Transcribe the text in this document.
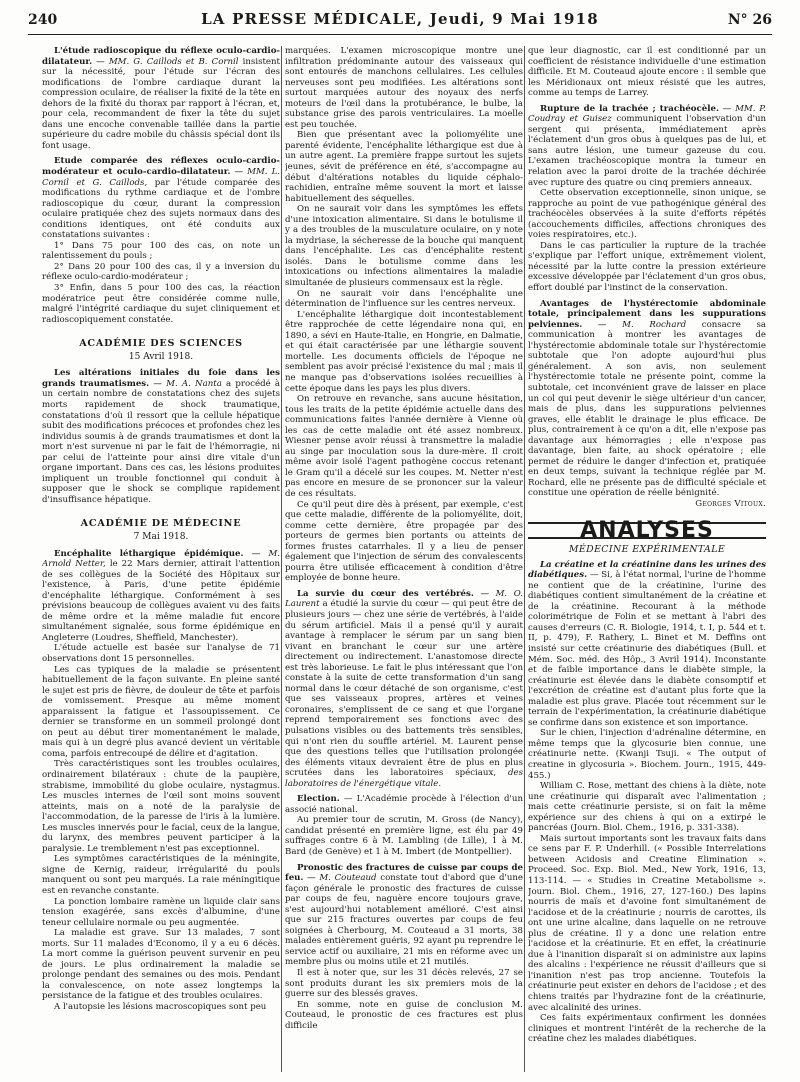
240	LA PRESSE MÉDICALE, Jeudi, 9 Mai 1918	N° 26

L'étude radioscopique du réflexe oculo-cardio-dilatateur. — MM. G. Caillods et B. Cornil insistent sur la nécessité, pour l'étude sur l'écran des modifications de l'ombre cardiaque durant la compression oculaire, de réaliser la fixité de la tête en dehors de la fixité du thorax par rapport à l'écran, et, pour cela, recommandent de fixer la tête du sujet dans une encoche convenable taillée dans la partie supérieure du cadre mobile du châssis spécial dont ils font usage.

Etude comparée des réflexes oculo-cardio-modérateur et oculo-cardio-dilatateur. — MM. L. Cornil et G. Caillods, par l'étude comparée des modifications du rythme cardiaque et de l'ombre radioscopique du cœur, durant la compression oculaire pratiquée chez des sujets normaux dans des conditions identiques, ont été conduits aux constatations suivantes :

1° Dans 75 pour 100 des cas, on note un ralentissement du pouls ;

2° Dans 20 pour 100 des cas, il y a inversion du réflexe oculo-cardio-modérateur ;

3° Enfin, dans 5 pour 100 des cas, la réaction modératrice peut être considérée comme nulle, malgré l'intégrité cardiaque du sujet cliniquement et radioscopiquement constatée.

ACADÉMIE DES SCIENCES
15 Avril 1918.

Les altérations initiales du foie dans les grands traumatismes. — M. A. Nanta a procédé à un certain nombre de constatations chez des sujets morts rapidement de shock traumatique, constatations d'où il ressort que la cellule hépatique subit des modifications précoces et profondes chez les individus soumis à de grands traumatismes et dont la mort n'est survenue ni par le fait de l'hémorragie, ni par celui de l'atteinte pour ainsi dire vitale d'un organe important. Dans ces cas, les lésions produites impliquent un trouble fonctionnel qui conduit à supposer que le shock se complique rapidement d'insuffisance hépatique.

ACADÉMIE DE MÉDECINE
7 Mai 1918.

Encéphalite léthargique épidémique. — M. Arnold Netter, le 22 Mars dernier, attirait l'attention de ses collègues de la Société des Hôpitaux sur l'existence, à Paris, d'une petite épidémie d'encéphalite léthargique. Conformément à ses prévisions beaucoup de collègues avaient vu des faits de même ordre et la même maladie fut encore simultanément signalée, sous forme épidémique en Angleterre (Loudres, Sheffield, Manchester).

L'étude actuelle est basée sur l'analyse de 71 observations dont 15 personnelles.

Les cas typiques de la maladie se présentent habituellement de la façon suivante. En pleine santé le sujet est pris de fièvre, de douleur de tête et parfois de vomissement. Presque au même moment apparaissent la fatigue et l'assoupissement. Ce dernier se transforme en un sommeil prolongé dont on peut au début tirer momentanément le malade, mais qui à un degré plus avancé devient un véritable coma, parfois entrecoupé de délire et d'agitation.

Très caractéristiques sont les troubles oculaires, ordinairement bilatéraux : chute de la paupière, strabisme, immobilité du globe oculaire, nystagmus. Les muscles internes de l'œil sont moins souvent atteints, mais on a noté de la paralysie de l'accommodation, de la paresse de l'iris à la lumière. Les muscles innervés pour le facial, ceux de la langue, du larynx, des membres peuvent participer à la paralysie. Le tremblement n'est pas exceptionnel.

Les symptômes caractéristiques de la méningite, signe de Kernig, raideur, irrégularité du pouls manquent ou sont peu marqués. La raie méningitique est en revanche constante.

La ponction lombaire ramène un liquide clair sans tension exagérée, sans excès d'albumine, d'une teneur cellulaire normale ou peu augmentée.

La maladie est grave. Sur 13 malades, 7 sont morts. Sur 11 malades d'Economo, il y a eu 6 décès. La mort comme la guérison peuvent survenir en peu de jours. Le plus ordinairement la maladie se prolonge pendant des semaines ou des mois. Pendant la convalescence, on note assez longtemps la persistance de la fatigue et des troubles oculaires.

A l'autopsie les lésions macroscopiques sont peu

marquées. L'examen microscopique montre une infiltration prédominante autour des vaisseaux qui sont entourés de manchons cellulaires. Les cellules nerveuses sont peu modifiées. Les altérations sont surtout marquées autour des noyaux des nerfs moteurs de l'œil dans la protubérance, le bulbe, la substance grise des parois ventriculaires. La moelle est peu touchée.

Bien que présentant avec la poliomyélite une parenté évidente, l'encéphalite léthargique est due à un autre agent. La première frappe surtout les sujets jeunes, sévit de préférence en été, s'accompagne au début d'altérations notables du liquide céphalo-rachidien, entraîne même souvent la mort et laisse habituellement des séquelles.

On ne saurait voir dans les symptômes les effets d'une intoxication alimentaire. Si dans le botulisme il y a des troubles de la musculature oculaire, on y note la mydriase, la sécheresse de la bouche qui manquent dans l'encéphalite. Les cas d'encéphalite restent isolés. Dans le botulisme comme dans les intoxications ou infections alimentaires la maladie simultanée de plusieurs commensaux est la règle.

On ne saurait voir dans l'encéphalite une détermination de l'influence sur les centres nerveux.

L'encéphalite léthargique doit incontestablement être rapprochée de cette légendaire nona qui, en 1890, a sévi en Haute-Italie, en Hongrie, en Dalmatie, et qui était caractérisée par une léthargie souvent mortelle. Les documents officiels de l'époque ne semblent pas avoir précisé l'existence du mal ; mais il ne manque pas d'observations isolées recueillies à cette époque dans les pays les plus divers.

On retrouve en revanche, sans aucune hésitation, tous les traits de la petite épidémie actuelle dans des communications faites l'année dernière à Vienne où les cas de cette maladie ont été assez nombreux. Wiesner pense avoir réussi à transmettre la maladie au singe par inoculation sous la dure-mère. Il croit même avoir isolé l'agent pathogène coccus retenant le Gram qu'il a décelé sur les coupes. M. Netter n'est pas encore en mesure de se prononcer sur la valeur de ces résultats.

Ce qu'il peut dire dès à présent, par exemple, c'est que cette maladie, différente de la poliomyélite, doit, comme cette dernière, être propagée par des porteurs de germes bien portants ou atteints de formes frustes catarrhales. Il y a lieu de penser également que l'injection de sérum des convalescents pourra être utilisée efficacement à condition d'être employée de bonne heure.

La survie du cœur des vertébrés. — M. O. Laurent a étudié la survie du cœur — qui peut être de plusieurs jours — chez une série de vertébrés, à l'aide du sérum artificiel. Mais il a pensé qu'il y aurait avantage à remplacer le sérum par un sang bien vivant en branchant le cœur sur une artère directement ou indirectement. L'anastomose directe est très laborieuse. Le fait le plus intéressant que l'on constate à la suite de cette transformation d'un sang normal dans le cœur détaché de son organisme, c'est que ses vaisseaux propres, artères et veines coronaires, s'emplissent de ce sang et que l'organe reprend temporairement ses fonctions avec des pulsations visibles ou des battements très sensibles, qui n'ont rien du souffle artériel. M. Laurent pense que des questions telles que l'utilisation prolongée des éléments vitaux devraient être de plus en plus scrutées dans les laboratoires spéciaux, des laboratoires de l'énergétique vitale.

Election. — L'Académie procède à l'élection d'un associé national.

Au premier tour de scrutin, M. Gross (de Nancy), candidat présenté en première ligne, est élu par 49 suffrages contre 6 à M. Lambling (de Lille), 1 à M. Bard (de Genève) et 1 à M. Imbert (de Montpellier).

Pronostic des fractures de cuisse par coups de feu. — M. Couteaud constate tout d'abord que d'une façon générale le pronostic des fractures de cuisse par coups de feu, naguère encore toujours grave, s'est aujourd'hui notablement amélioré. C'est ainsi que sur 215 fractures ouvertes par coups de feu soignées à Cherbourg, M. Couteaud a 31 morts, 38 malades entièrement guéris, 92 ayant pu reprendre le service actif ou auxiliaire, 21 mis en réforme avec un membre plus ou moins utile et 21 mutilés.

Il est à noter que, sur les 31 décès relevés, 27 se sont produits durant les six premiers mois de la guerre sur des blessés graves.

En somme, note en guise de conclusion M. Couteaud, le pronostic de ces fractures est plus difficile

que leur diagnostic, car il est conditionné par un coefficient de résistance individuelle d'une estimation difficile. Et M. Couteaud ajoute encore : il semble que les Méridionaux ont mieux résisté que les autres, comme au temps de Larrey.

Rupture de la trachée ; trachéocèle. — MM. P. Coudray et Guisez communiquent l'observation d'un sergent qui présenta, immédiatement après l'éclatement d'un gros obus à quelques pas de lui, et sans autre lésion, une tumeur gazeuse du cou. L'examen trachéoscopique montra la tumeur en relation avec la paroi droite de la trachée déchirée avec rupture des quatre ou cinq premiers anneaux.

Cette observation exceptionnelle, sinon unique, se rapproche au point de vue pathogénique général des trachéocèles observées à la suite d'efforts répétés (accouchements difficiles, affections chroniques des voies respiratoires, etc.).

Dans le cas particulier la rupture de la trachée s'explique par l'effort unique, extrêmement violent, nécessité par la lutte contre la pression extérieure excessive développée par l'éclatement d'un gros obus, effort doublé par l'instinct de la conservation.

Avantages de l'hystérectomie abdominale totale, principalement dans les suppurations pelviennes. — M. Rochard consacre sa communication à montrer les avantages de l'hystérectomie abdominale totale sur l'hystérectomie subtotale que l'on adopte aujourd'hui plus généralement. A son avis, non seulement l'hystérectomie totale ne présente point, comme la subtotale, cet inconvénient grave de laisser en place un col qui peut devenir le siège ultérieur d'un cancer, mais de plus, dans les suppurations pelviennes graves, elle établit le drainage le plus efficace. De plus, contrairement à ce qu'on a dit, elle n'expose pas davantage aux hémorragies ; elle n'expose pas davantage, bien faite, au shock opératoire ; elle permet de réduire le danger d'infection et, pratiquée en deux temps, suivant la technique réglée par M. Rochard, elle ne présente pas de difficulté spéciale et constitue une opération de réelle bénignité.

Georges Vitoux.
ANALYSES
MÉDECINE EXPÉRIMENTALE

La créatine et la créatinine dans les urines des diabétiques. — Si, à l'état normal, l'urine de l'homme ne contient que de la créatinine, l'urine des diabétiques contient simultanément de la créatine et de la créatinine. Recourant à la méthode colorimétrique de Folin et se mettant à l'abri des causes d'erreurs (C. R. Biologie, 1914, t. I, p. 544 et t. II, p. 479), F. Rathery, L. Binet et M. Deffins ont insisté sur cette créatinurie des diabétiques (Bull. et Mém. Soc. méd. des Hôp., 3 Avril 1914). Inconstante et de faible importance dans le diabète simple, la créatinurie est élevée dans le diabète consomptif et l'excrétion de créatine est d'autant plus forte que la maladie est plus grave. Placée tout récemment sur le terrain de l'expérimentation, la créatinurie diabétique se confirme dans son existence et son importance.

Sur le chien, l'injection d'adrénaline détermine, en même temps que la glycosurie bien connue, une créatinurie nette. (Kwanji Tsuji. « The output of creatine in glycosuria ». Biochem. Journ., 1915, 449-455.)

William C. Rose, mettant des chiens à la diète, note une créatinurie qui disparaît avec l'alimentation ; mais cette créatinurie persiste, si on fait la même expérience sur des chiens à qui on a extirpé le pancréas (Journ. Biol. Chem., 1916, p. 331-338).

Mais surtout importants sont les travaux faits dans ce sens par F. P. Underhill. (« Possible Interrelations between Acidosis and Creatine Elimination ». Proceed. Soc. Exp. Biol. Med., New York, 1916, 13, 113-114. — « Studies in Creatine Metabolisme ». Journ. Biol. Chem., 1916, 27, 127-160.) Des lapins nourris de maïs et d'avoine font simultanément de l'acidose et de la créatinurie ; nourris de carottes, ils ont une urine alcaline, dans laquelle on ne retrouve plus de créatine. Il y a donc une relation entre l'acidose et la créatinurie. Et en effet, la créatinurie due à l'inanition disparaît si on administre aux lapins des alcalins : l'expérience ne réussit d'ailleurs que si l'inanition n'est pas trop ancienne. Toutefois la créatinurie peut exister en dehors de l'acidose ; et des chiens traités par l'hydrazine font de la créatinurie, avec alcalinité des urines.

Ces faits expérimentaux confirment les données cliniques et montrent l'intérêt de la recherche de la créatine chez les malades diabétiques.
